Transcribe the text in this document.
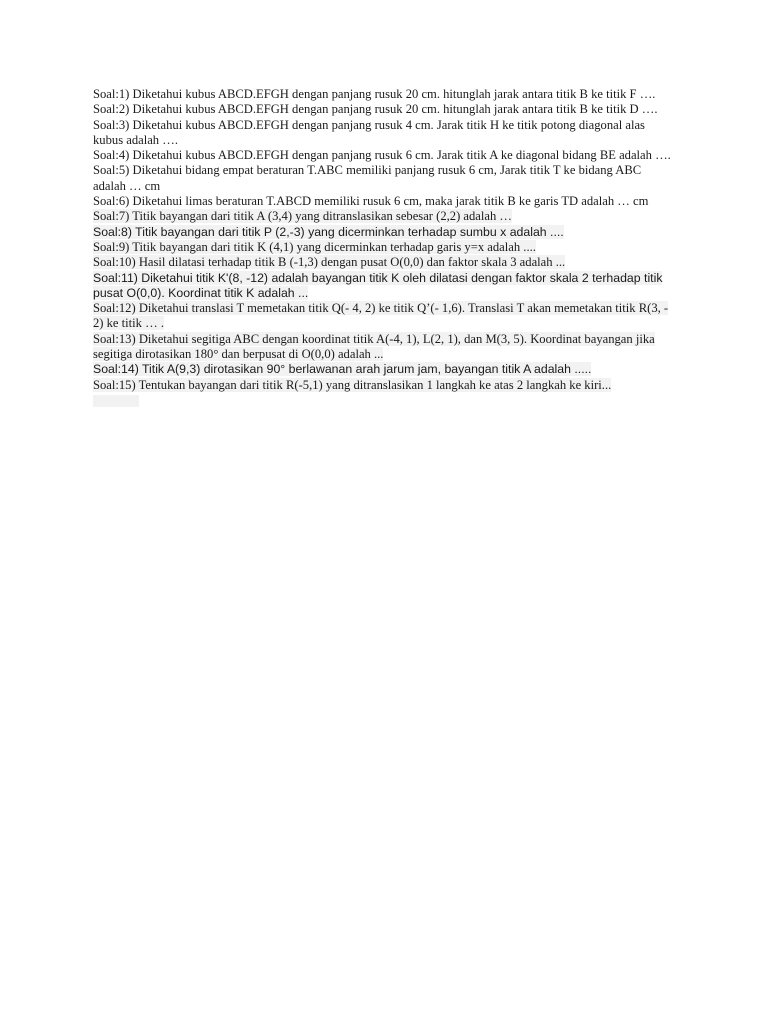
Soal:1) Diketahui kubus ABCD.EFGH dengan panjang rusuk 20 cm. hitunglah jarak antara titik B ke titik F ….

Soal:2) Diketahui kubus ABCD.EFGH dengan panjang rusuk 20 cm. hitunglah jarak antara titik B ke titik D ….

Soal:3) Diketahui kubus ABCD.EFGH dengan panjang rusuk 4 cm. Jarak titik H ke titik potong diagonal alas kubus adalah ….

Soal:4) Diketahui kubus ABCD.EFGH dengan panjang rusuk 6 cm. Jarak titik A ke diagonal bidang BE adalah ….

Soal:5) Diketahui bidang empat beraturan T.ABC memiliki panjang rusuk 6 cm, Jarak titik T ke bidang ABC adalah … cm

Soal:6) Diketahui limas beraturan T.ABCD memiliki rusuk 6 cm, maka jarak titik B ke garis TD adalah … cm

Soal:7) Titik bayangan dari titik A (3,4) yang ditranslasikan sebesar (2,2) adalah …

Soal:8) Titik bayangan dari titik P (2,-3) yang dicerminkan terhadap sumbu x adalah ....

Soal:9) Titik bayangan dari titik K (4,1) yang dicerminkan terhadap garis y=x adalah ....

Soal:10) Hasil dilatasi terhadap titik B (-1,3) dengan pusat O(0,0) dan faktor skala 3 adalah ...

Soal:11) Diketahui titik K'(8, -12) adalah bayangan titik K oleh dilatasi dengan faktor skala 2 terhadap titik pusat O(0,0). Koordinat titik K adalah ...

Soal:12) Diketahui translasi T memetakan titik Q(- 4, 2) ke titik Q’(- 1,6). Translasi T akan memetakan titik R(3, - 2) ke titik … .

Soal:13) Diketahui segitiga ABC dengan koordinat titik A(-4, 1), L(2, 1), dan M(3, 5). Koordinat bayangan jika segitiga dirotasikan 180° dan berpusat di O(0,0) adalah ...

Soal:14) Titik A(9,3) dirotasikan 90° berlawanan arah jarum jam, bayangan titik A adalah .....

Soal:15) Tentukan bayangan dari titik R(-5,1) yang ditranslasikan 1 langkah ke atas 2 langkah ke kiri...
